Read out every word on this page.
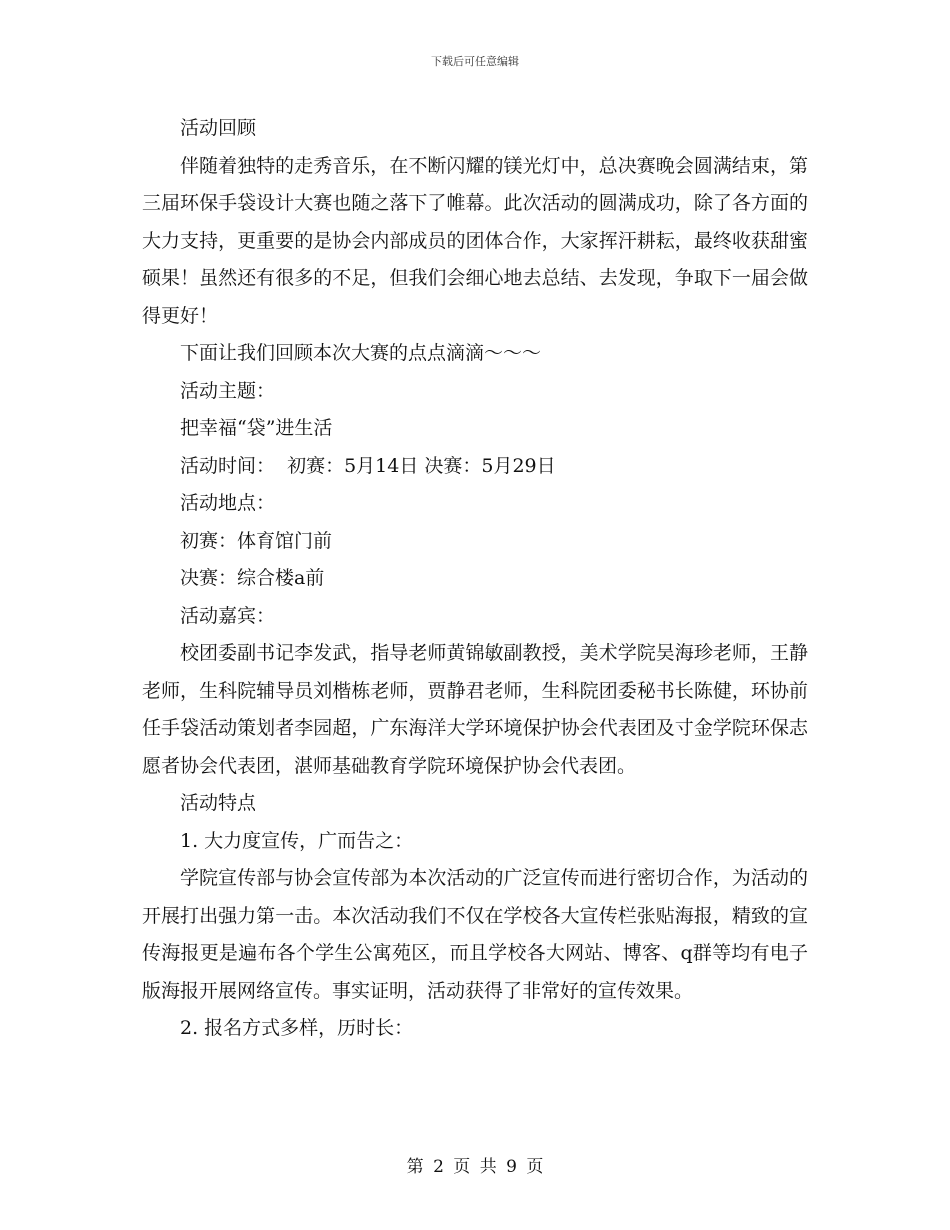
下载后可任意编辑

活动回顾

伴随着独特的走秀音乐，在不断闪耀的镁光灯中，总决赛晚会圆满结束，第三届环保手袋设计大赛也随之落下了帷幕。此次活动的圆满成功，除了各方面的大力支持，更重要的是协会内部成员的团体合作，大家挥汗耕耘，最终收获甜蜜硕果！虽然还有很多的不足，但我们会细心地去总结、去发现，争取下一届会做得更好！

下面让我们回顾本次大赛的点点滴滴～～～

活动主题：

把幸福“袋”进生活

活动时间：  初赛：5月14日 决赛：5月29日

活动地点：

初赛：体育馆门前

决赛：综合楼a前

活动嘉宾：

校团委副书记李发武，指导老师黄锦敏副教授，美术学院吴海珍老师，王静老师，生科院辅导员刘楷栋老师，贾静君老师，生科院团委秘书长陈健，环协前任手袋活动策划者李园超，广东海洋大学环境保护协会代表团及寸金学院环保志愿者协会代表团，湛师基础教育学院环境保护协会代表团。

活动特点

1. 大力度宣传，广而告之：

学院宣传部与协会宣传部为本次活动的广泛宣传而进行密切合作，为活动的开展打出强力第一击。本次活动我们不仅在学校各大宣传栏张贴海报，精致的宣传海报更是遍布各个学生公寓苑区，而且学校各大网站、博客、q群等均有电子版海报开展网络宣传。事实证明，活动获得了非常好的宣传效果。

2. 报名方式多样，历时长：

第 2 页 共 9 页
